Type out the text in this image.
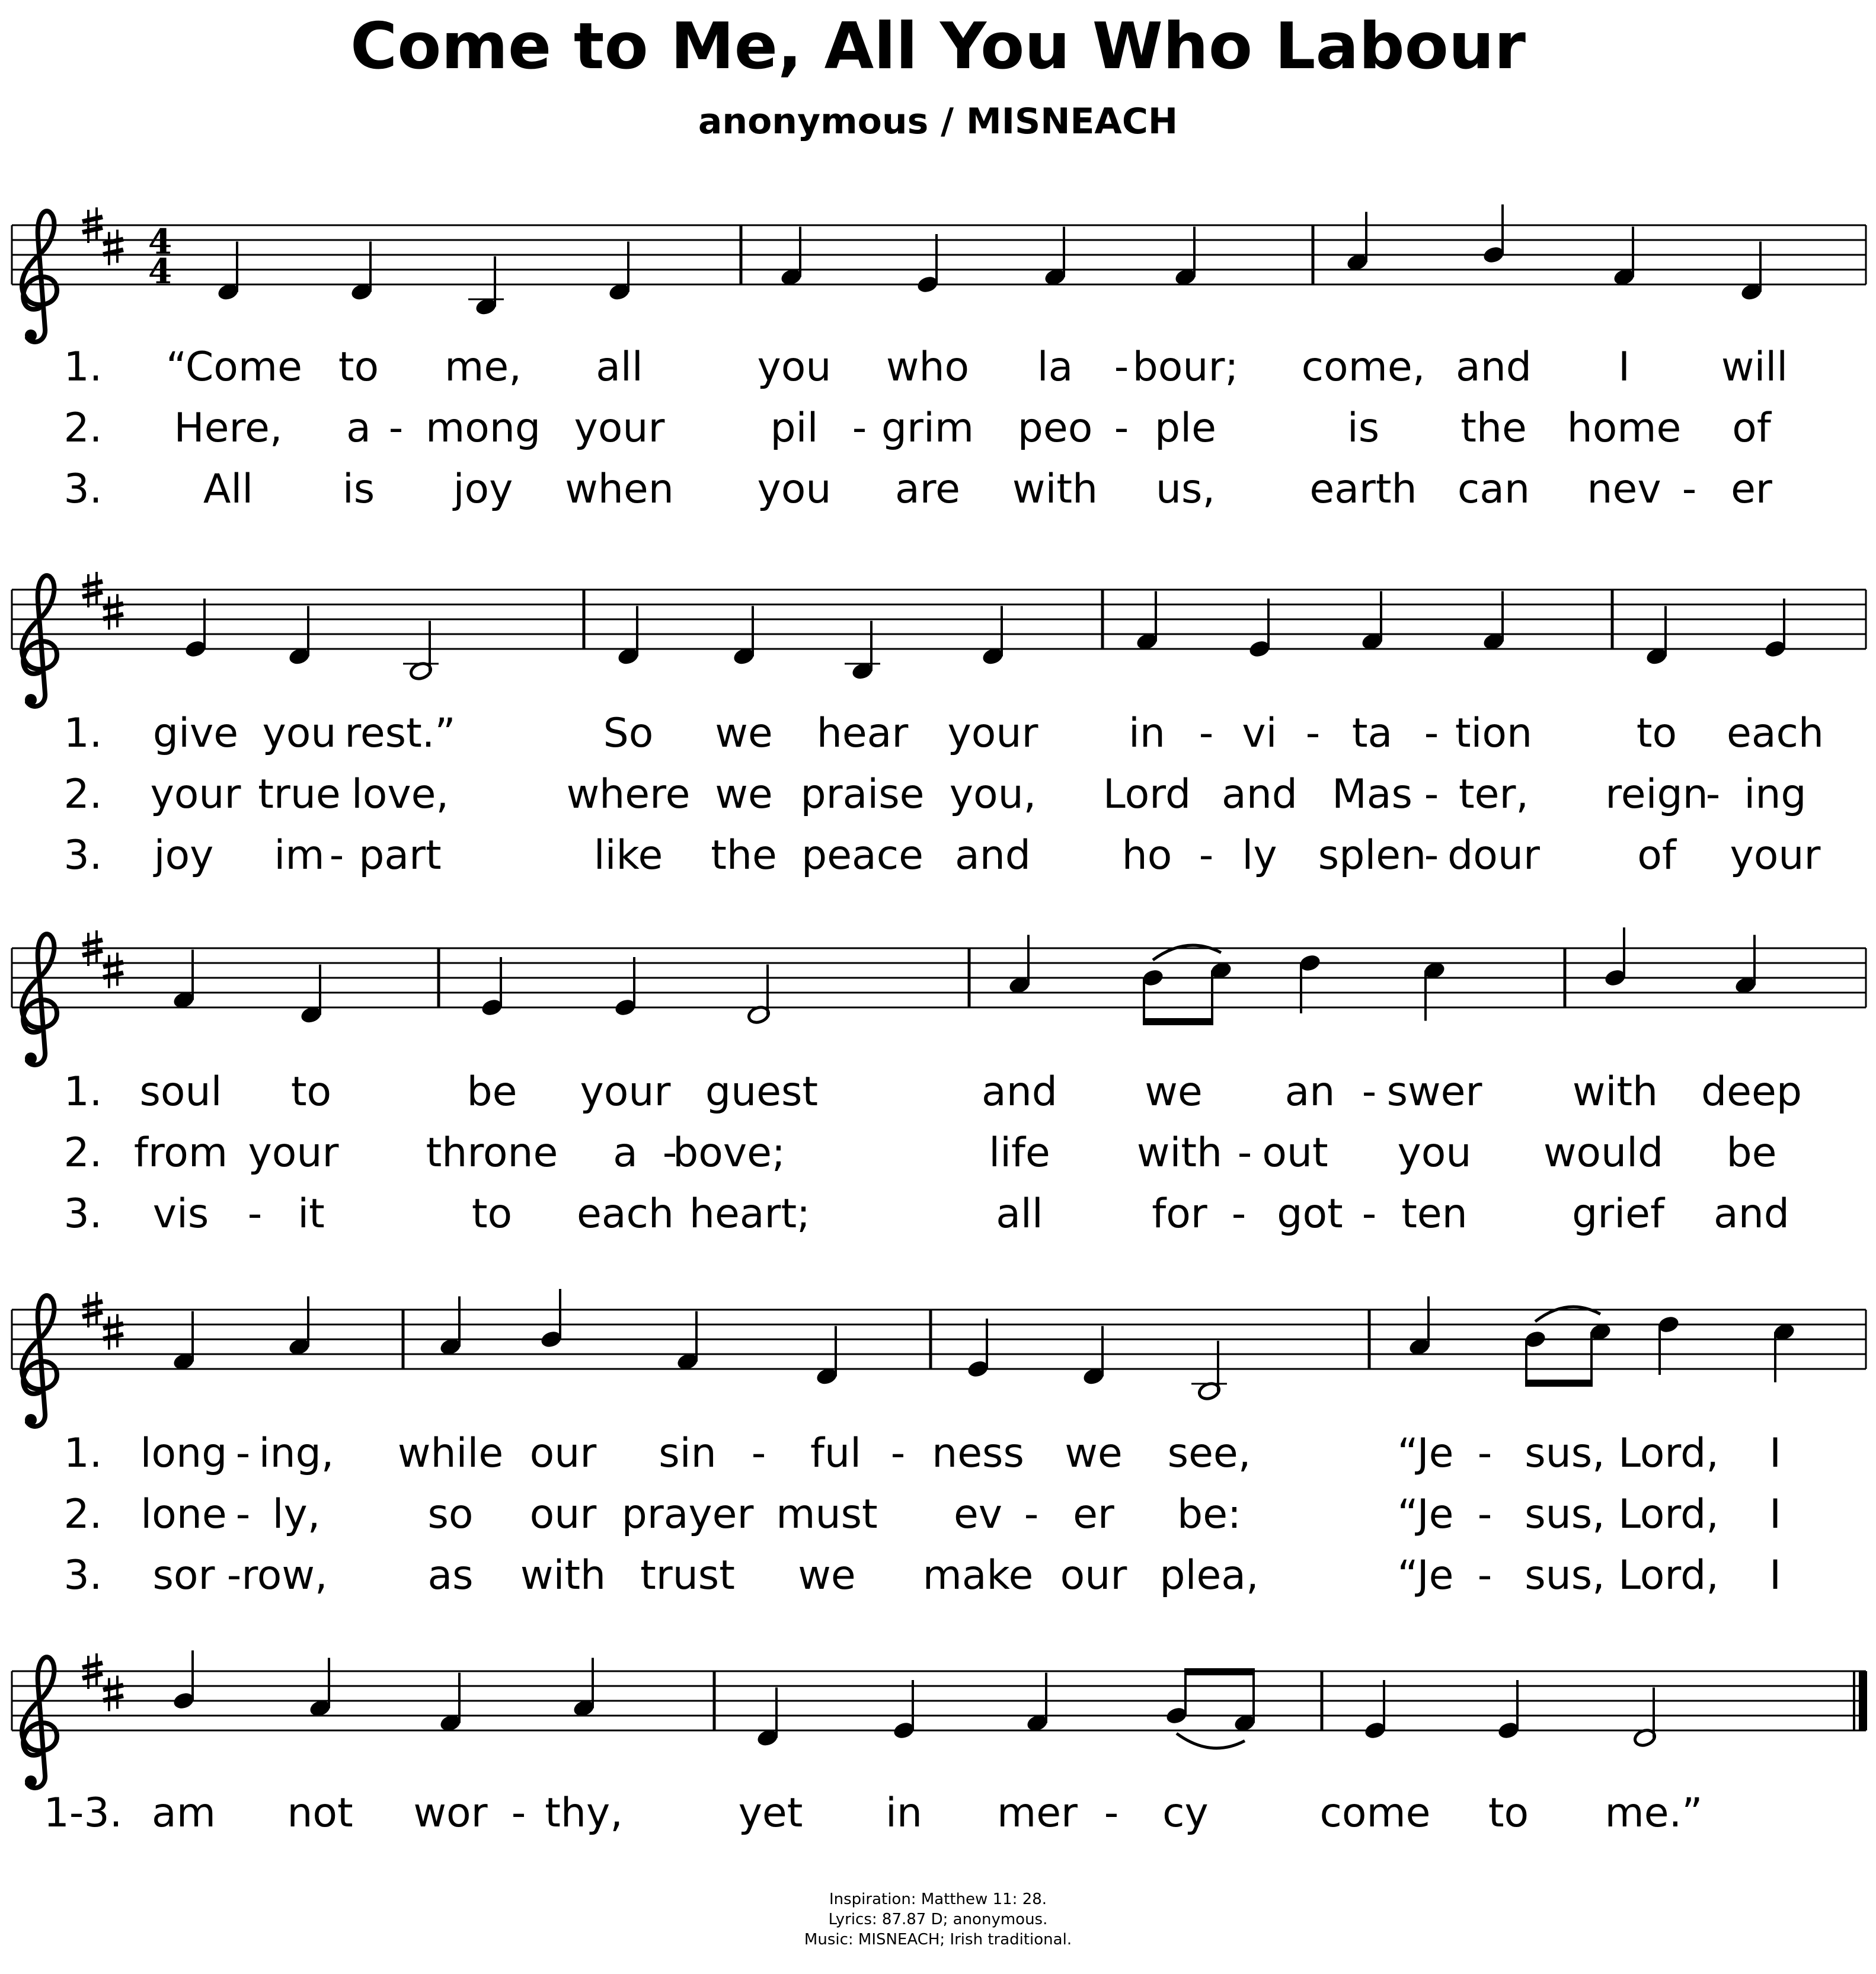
Come to Me, All You Who Labour
anonymous / MISNEACH
4
4
1. “Come to me, all	you who la - bour; come, and I will
2. Here, a - mong your	pil - grim peo - ple	is the home of
3.	All is joy when you are with us, earth can nev - er
1. give you rest.”	So we hear your in - vi - ta - tion	to each
2. your true love,	where we praise you, Lord and Mas - ter, reign
- ing
3. joy im - part	like the peace and ho - ly splen
- dour of your
1. soul to	be your guest	and we an - swer with deep
2. from your throne a -
bove;	life with - out you would be
3. vis - it	to each heart;	all	for - got - ten	grief and
1. long - ing, while our sin - ful - ness we see,	“Je - sus, Lord, I
2. lone - ly,	so our prayer must ev - er be:	“Je - sus, Lord, I
3. sor - row, as with trust we make our plea,	“Je - sus, Lord, I
1-3. am not wor - thy,	yet in mer - cy	come to me.”
Inspiration: Matthew 11: 28.
Lyrics: 87.87 D; anonymous.
Music: MISNEACH; Irish traditional.
